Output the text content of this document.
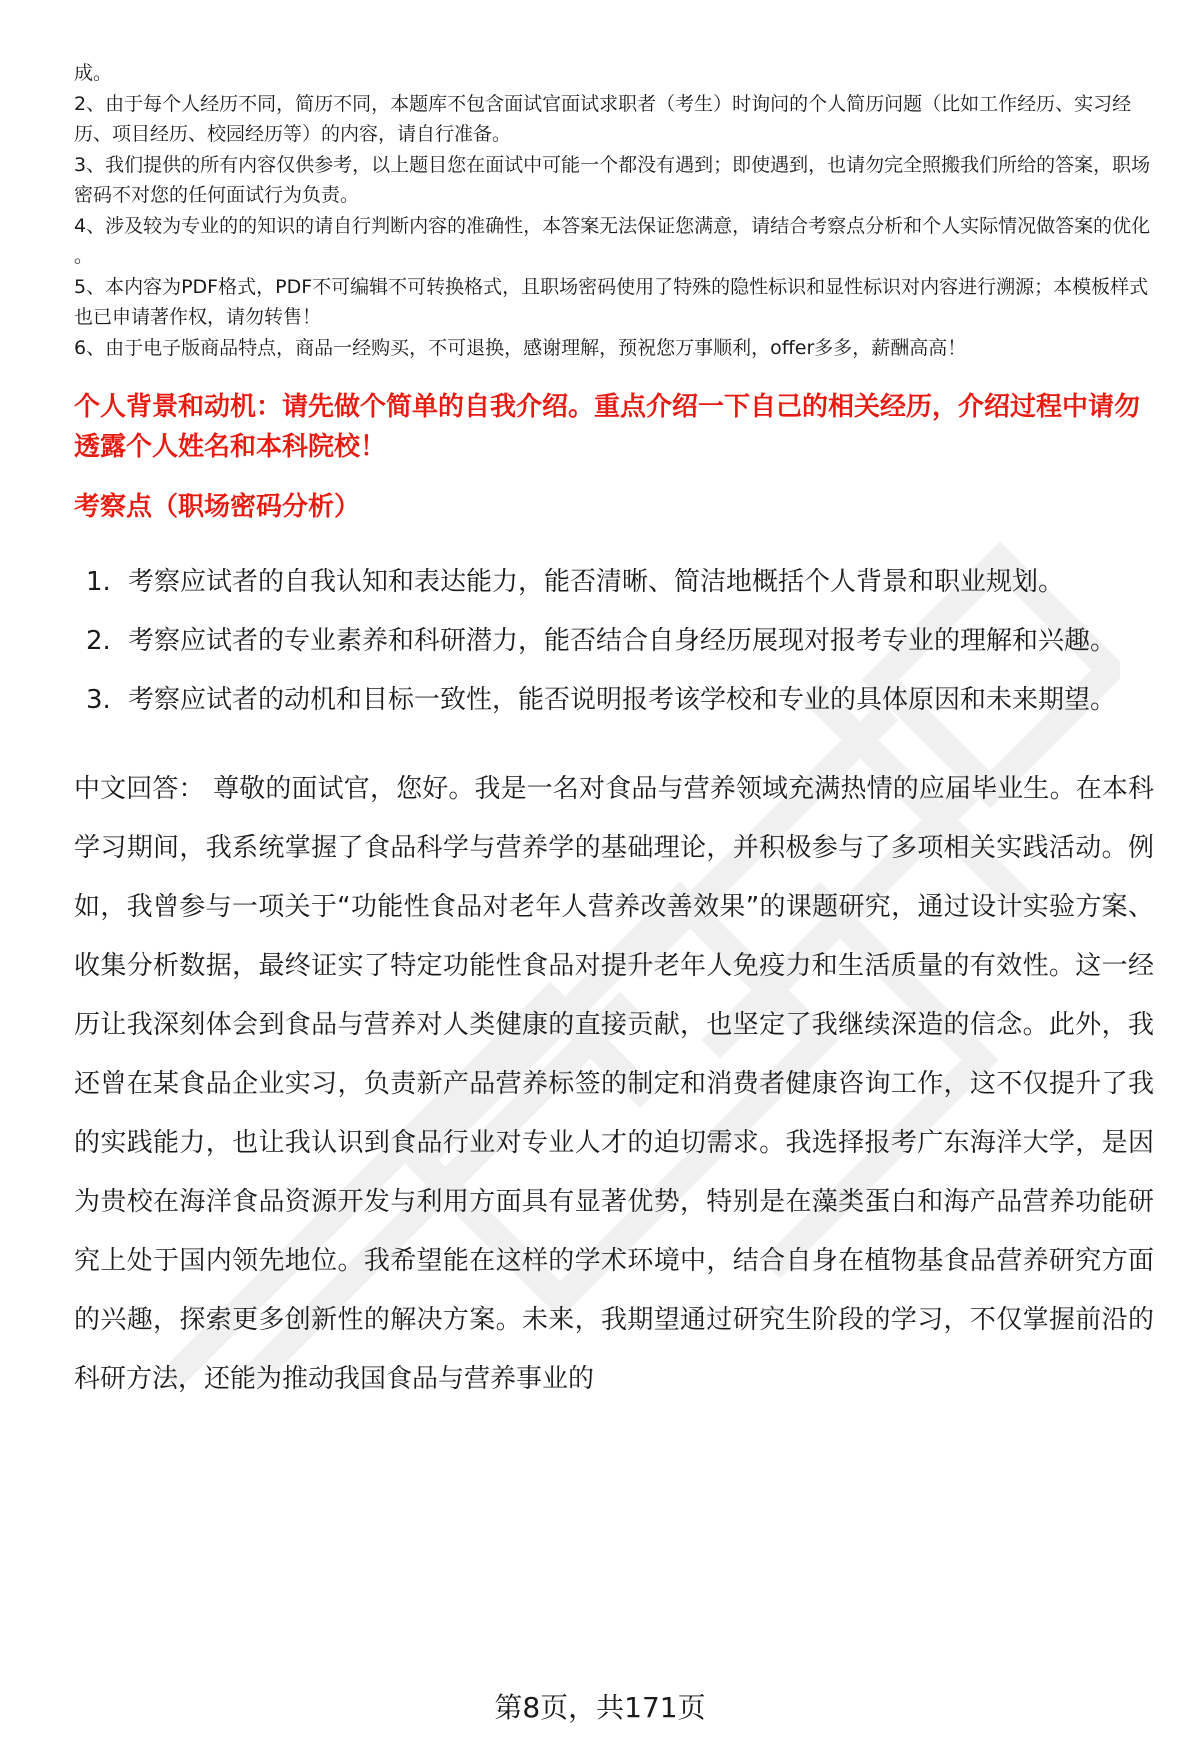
成。

2、由于每个人经历不同，简历不同，本题库不包含面试官面试求职者（考生）时询问的个人简历问题（比如工作经历、实习经历、项目经历、校园经历等）的内容，请自行准备。

3、我们提供的所有内容仅供参考，以上题目您在面试中可能一个都没有遇到；即使遇到，也请勿完全照搬我们所给的答案，职场密码不对您的任何面试行为负责。

4、涉及较为专业的的知识的请自行判断内容的准确性，本答案无法保证您满意，请结合考察点分析和个人实际情况做答案的优化 。

5、本内容为PDF格式，PDF不可编辑不可转换格式，且职场密码使用了特殊的隐性标识和显性标识对内容进行溯源；本模板样式也已申请著作权，请勿转售！

6、由于电子版商品特点，商品一经购买，不可退换，感谢理解，预祝您万事顺利，offer多多，薪酬高高！

个人背景和动机：请先做个简单的自我介绍。重点介绍一下自己的相关经历，介绍过程中请勿透露个人姓名和本科院校！
考察点（职场密码分析）
1. 考察应试者的自我认知和表达能力，能否清晰、简洁地概括个人背景和职业规划。
2. 考察应试者的专业素养和科研潜力，能否结合自身经历展现对报考专业的理解和兴趣。
3. 考察应试者的动机和目标一致性，能否说明报考该学校和专业的具体原因和未来期望。
中文回答： 尊敬的面试官，您好。我是一名对食品与营养领域充满热情的应届毕业生。在本科学习期间，我系统掌握了食品科学与营养学的基础理论，并积极参与了多项相关实践活动。例如，我曾参与一项关于“功能性食品对老年人营养改善效果”的课题研究，通过设计实验方案、收集分析数据，最终证实了特定功能性食品对提升老年人免疫力和生活质量的有效性。这一经历让我深刻体会到食品与营养对人类健康的直接贡献，也坚定了我继续深造的信念。此外，我还曾在某食品企业实习，负责新产品营养标签的制定和消费者健康咨询工作，这不仅提升了我的实践能力，也让我认识到食品行业对专业人才的迫切需求。我选择报考广东海洋大学，是因为贵校在海洋食品资源开发与利用方面具有显著优势，特别是在藻类蛋白和海产品营养功能研究上处于国内领先地位。我希望能在这样的学术环境中，结合自身在植物基食品营养研究方面的兴趣，探索更多创新性的解决方案。未来，我期望通过研究生阶段的学习，不仅掌握前沿的科研方法，还能为推动我国食品与营养事业的
第8页，共171页
